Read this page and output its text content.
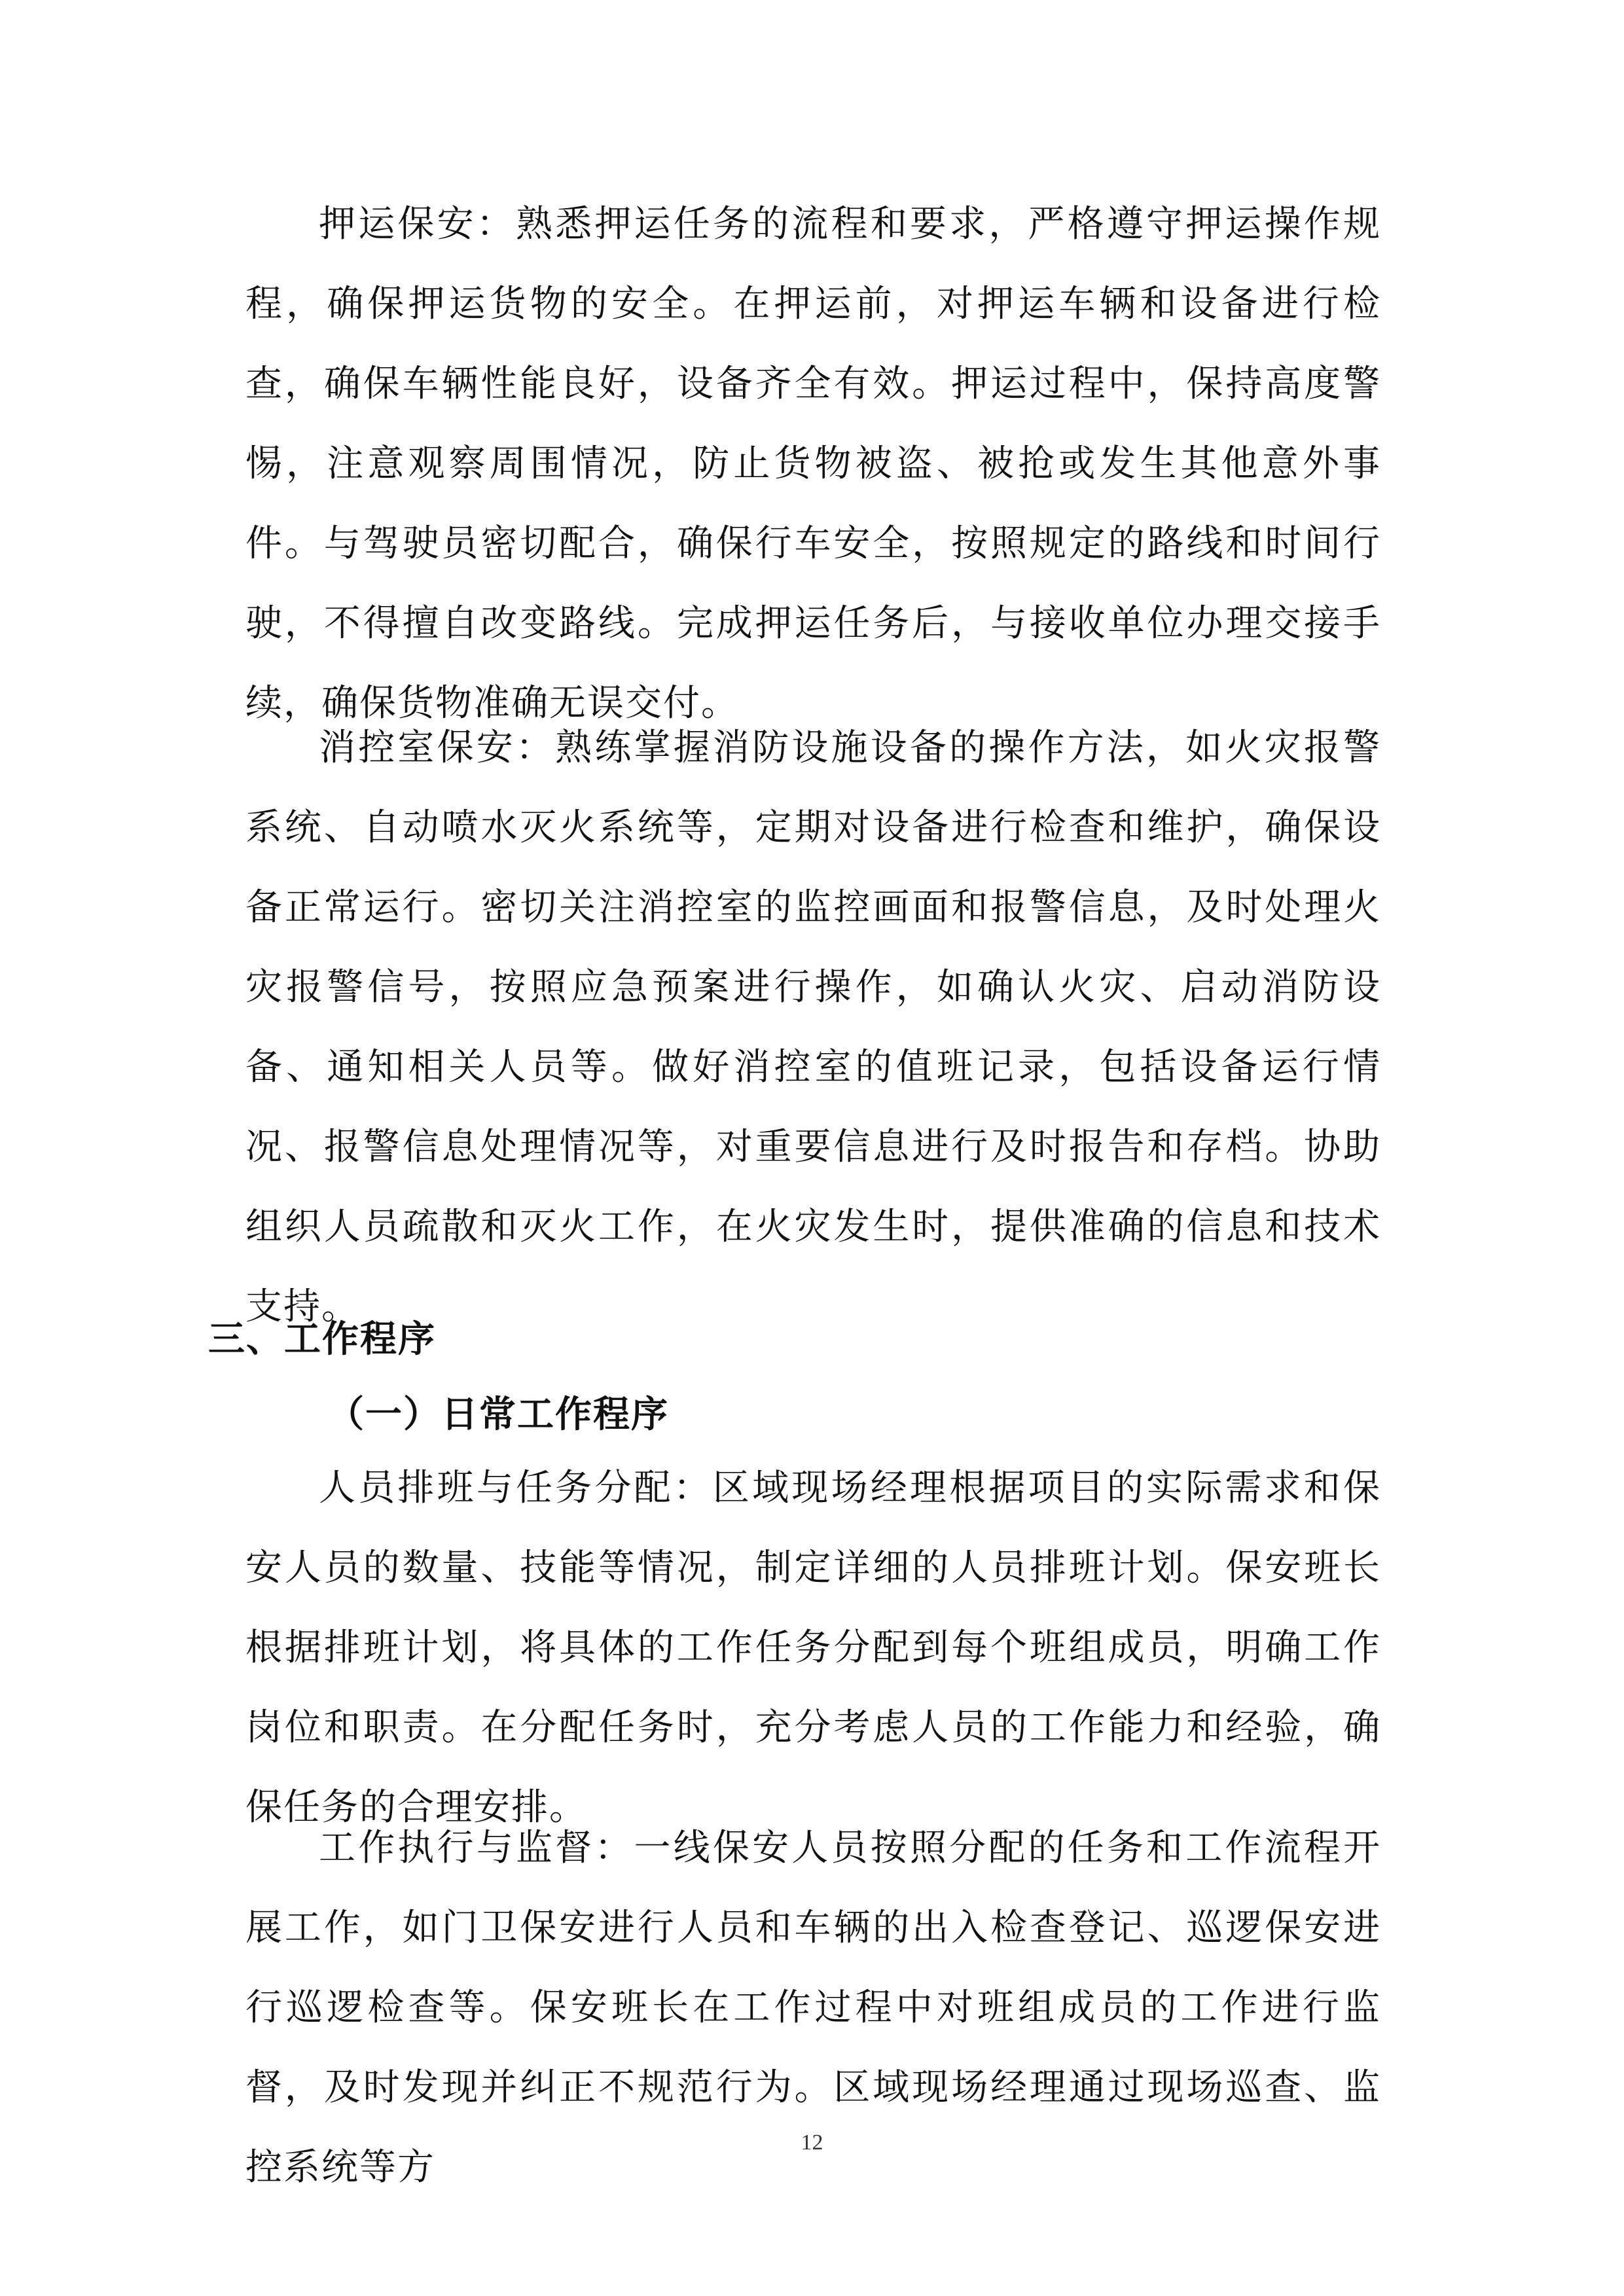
押运保安：熟悉押运任务的流程和要求，严格遵守押运操作规程，确保押运货物的安全。在押运前，对押运车辆和设备进行检查，确保车辆性能良好，设备齐全有效。押运过程中，保持高度警惕，注意观察周围情况，防止货物被盗、被抢或发生其他意外事件。与驾驶员密切配合，确保行车安全，按照规定的路线和时间行驶，不得擅自改变路线。完成押运任务后，与接收单位办理交接手续，确保货物准确无误交付。

消控室保安：熟练掌握消防设施设备的操作方法，如火灾报警系统、自动喷水灭火系统等，定期对设备进行检查和维护，确保设备正常运行。密切关注消控室的监控画面和报警信息，及时处理火灾报警信号，按照应急预案进行操作，如确认火灾、启动消防设备、通知相关人员等。做好消控室的值班记录，包括设备运行情况、报警信息处理情况等，对重要信息进行及时报告和存档。协助组织人员疏散和灭火工作，在火灾发生时，提供准确的信息和技术支持。

三、工作程序
（一）日常工作程序

人员排班与任务分配：区域现场经理根据项目的实际需求和保安人员的数量、技能等情况，制定详细的人员排班计划。保安班长根据排班计划，将具体的工作任务分配到每个班组成员，明确工作岗位和职责。在分配任务时，充分考虑人员的工作能力和经验，确保任务的合理安排。

工作执行与监督：一线保安人员按照分配的任务和工作流程开展工作，如门卫保安进行人员和车辆的出入检查登记、巡逻保安进行巡逻检查等。保安班长在工作过程中对班组成员的工作进行监督，及时发现并纠正不规范行为。区域现场经理通过现场巡查、监控系统等方

12
